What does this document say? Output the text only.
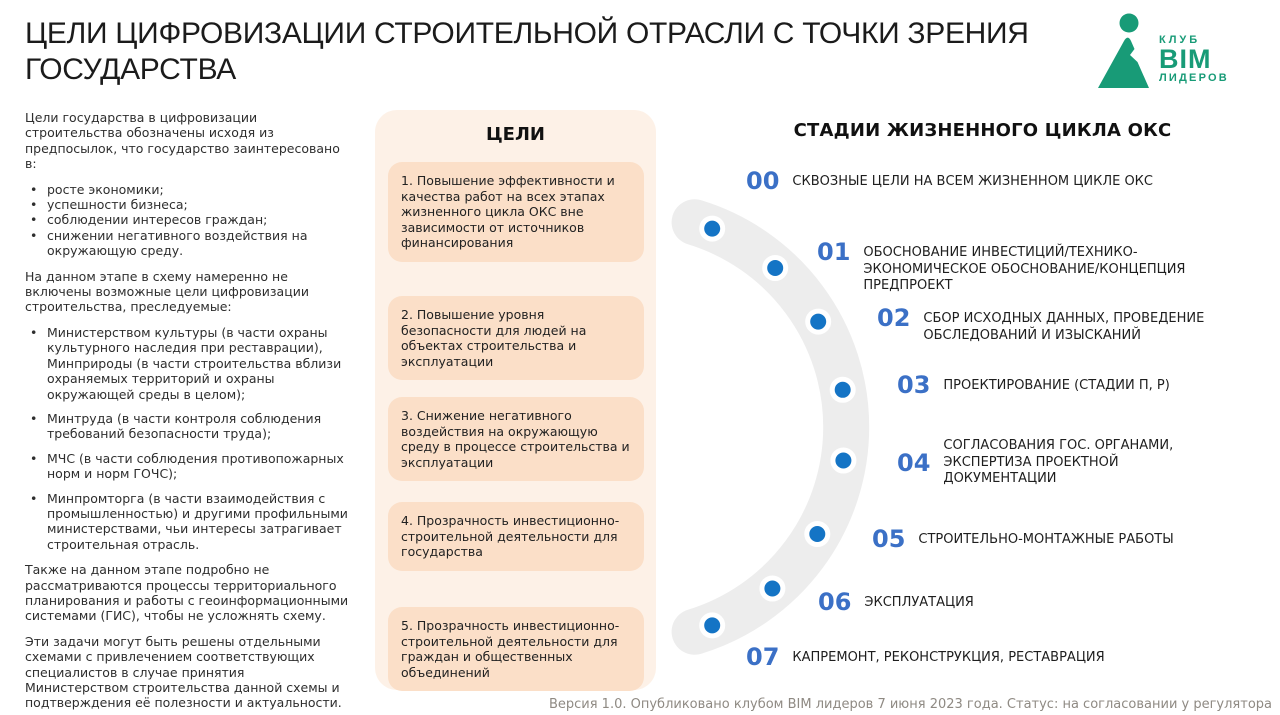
ЦЕЛИ ЦИФРОВИЗАЦИИ СТРОИТЕЛЬНОЙ ОТРАСЛИ С ТОЧКИ ЗРЕНИЯ
ГОСУДАРСТВА
КЛУБ
BIM
ЛИДЕРОВ

Цели государства в цифровизации строительства обозначены исходя из предпосылок, что государство заинтересовано в:

• росте экономики;
• успешности бизнеса;
• соблюдении интересов граждан;
• снижении негативного воздействия на окружающую среду.

На данном этапе в схему намеренно не включены возможные цели цифровизации строительства, преследуемые:

• Министерством культуры (в части охраны культурного наследия при реставрации), Минприроды (в части строительства вблизи охраняемых территорий и охраны окружающей среды в целом);
• Минтруда (в части контроля соблюдения требований безопасности труда);
• МЧС (в части соблюдения противопожарных норм и норм ГОЧС);
• Минпромторга (в части взаимодействия с промышленностью) и другими профильными министерствами, чьи интересы затрагивает строительная отрасль.

Также на данном этапе подробно не рассматриваются процессы территориального планирования и работы с геоинформационными системами (ГИС), чтобы не усложнять схему.

Эти задачи могут быть решены отдельными схемами с привлечением соответствующих специалистов в случае принятия Министерством строительства данной схемы и подтверждения её полезности и актуальности.

ЦЕЛИ
1. Повышение эффективности и качества работ на всех этапах жизненного цикла ОКС вне зависимости от источников финансирования
2. Повышение уровня безопасности для людей на объектах строительства и эксплуатации
3. Снижение негативного воздействия на окружающую среду в процессе строительства и эксплуатации
4. Прозрачность инвестиционно-строительной деятельности для государства
5. Прозрачность инвестиционно-строительной деятельности для граждан и общественных объединений
СТАДИИ ЖИЗНЕННОГО ЦИКЛА ОКС
00 СКВОЗНЫЕ ЦЕЛИ НА ВСЕМ ЖИЗНЕННОМ ЦИКЛЕ ОКС
01 ОБОСНОВАНИЕ ИНВЕСТИЦИЙ/ТЕХНИКО-ЭКОНОМИЧЕСКОЕ ОБОСНОВАНИЕ/КОНЦЕПЦИЯ ПРЕДПРОЕКТ
02 СБОР ИСХОДНЫХ ДАННЫХ, ПРОВЕДЕНИЕ ОБСЛЕДОВАНИЙ И ИЗЫСКАНИЙ
03 ПРОЕКТИРОВАНИЕ (СТАДИИ П, Р)
04
СОГЛАСОВАНИЯ ГОС. ОРГАНАМИ, ЭКСПЕРТИЗА ПРОЕКТНОЙ ДОКУМЕНТАЦИИ
05 СТРОИТЕЛЬНО-МОНТАЖНЫЕ РАБОТЫ
06 ЭКСПЛУАТАЦИЯ
07 КАПРЕМОНТ, РЕКОНСТРУКЦИЯ, РЕСТАВРАЦИЯ
Версия 1.0. Опубликовано клубом BIM лидеров 7 июня 2023 года. Статус: на согласовании у регулятора
